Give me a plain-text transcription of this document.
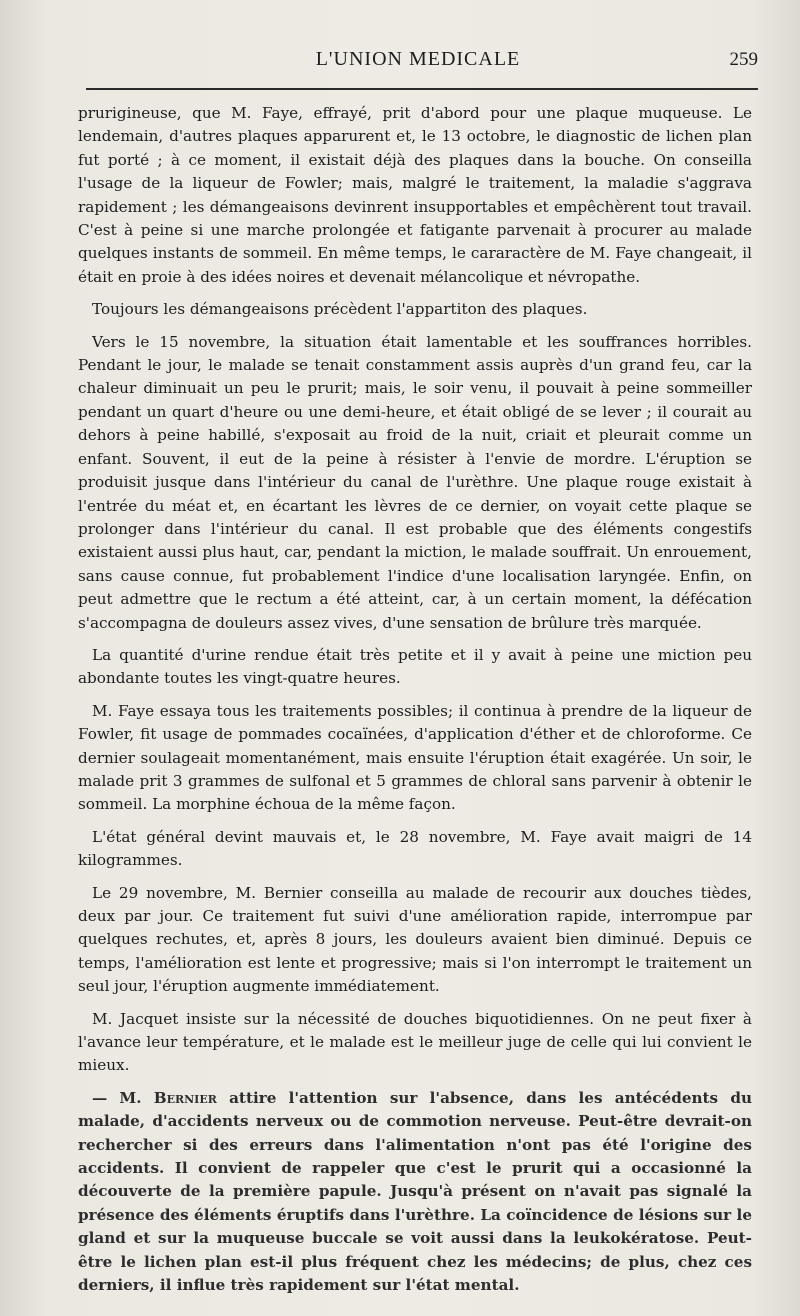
L'UNION MEDICALE	259

prurigineuse, que M. Faye, effrayé, prit d'abord pour une plaque muqueuse. Le lendemain, d'autres plaques apparurent et, le 13 octobre, le diagnostic de lichen plan fut porté ; à ce moment, il existait déjà des plaques dans la bouche. On conseilla l'usage de la liqueur de Fowler; mais, malgré le traitement, la maladie s'aggrava rapidement ; les démangeaisons devinrent insupportables et empêchèrent tout travail. C'est à peine si une marche prolongée et fatigante parvenait à procurer au malade quelques instants de sommeil. En même temps, le cararactère de M. Faye changeait, il était en proie à des idées noires et devenait mélancolique et névropathe.

Toujours les démangeaisons précèdent l'appartiton des plaques.

Vers le 15 novembre, la situation était lamentable et les souffrances horribles. Pendant le jour, le malade se tenait constamment assis auprès d'un grand feu, car la chaleur diminuait un peu le prurit; mais, le soir venu, il pouvait à peine sommeiller pendant un quart d'heure ou une demi-heure, et était obligé de se lever ; il courait au dehors à peine habillé, s'exposait au froid de la nuit, criait et pleurait comme un enfant. Souvent, il eut de la peine à résister à l'envie de mordre. L'éruption se produisit jusque dans l'intérieur du canal de l'urèthre. Une plaque rouge existait à l'entrée du méat et, en écartant les lèvres de ce dernier, on voyait cette plaque se prolonger dans l'intérieur du canal. Il est probable que des éléments congestifs existaient aussi plus haut, car, pendant la miction, le malade souffrait. Un enrouement, sans cause connue, fut probablement l'indice d'une localisation laryngée. Enfin, on peut admettre que le rectum a été atteint, car, à un certain moment, la défécation s'accompagna de douleurs assez vives, d'une sensation de brûlure très marquée.

La quantité d'urine rendue était très petite et il y avait à peine une miction peu abondante toutes les vingt-quatre heures.

M. Faye essaya tous les traitements possibles; il continua à prendre de la liqueur de Fowler, fit usage de pommades cocaïnées, d'application d'éther et de chloroforme. Ce dernier soulageait momentanément, mais ensuite l'éruption était exagérée. Un soir, le malade prit 3 grammes de sulfonal et 5 grammes de chloral sans parvenir à obtenir le sommeil. La morphine échoua de la même façon.

L'état général devint mauvais et, le 28 novembre, M. Faye avait maigri de 14 kilogrammes.

Le 29 novembre, M. Bernier conseilla au malade de recourir aux douches tièdes, deux par jour. Ce traitement fut suivi d'une amélioration rapide, interrompue par quelques rechutes, et, après 8 jours, les douleurs avaient bien diminué. Depuis ce temps, l'amélioration est lente et progressive; mais si l'on interrompt le traitement un seul jour, l'éruption augmente immédiatement.

M. Jacquet insiste sur la nécessité de douches biquotidiennes. On ne peut fixer à l'avance leur température, et le malade est le meilleur juge de celle qui lui convient le mieux.

— M. Bernier attire l'attention sur l'absence, dans les antécédents du malade, d'accidents nerveux ou de commotion nerveuse. Peut-être devrait-on rechercher si des erreurs dans l'alimentation n'ont pas été l'origine des accidents. Il convient de rappeler que c'est le prurit qui a occasionné la découverte de la première papule. Jusqu'à présent on n'avait pas signalé la présence des éléments éruptifs dans l'urèthre. La coïncidence de lésions sur le gland et sur la muqueuse buccale se voit aussi dans la leukokératose. Peut-être le lichen plan est-il plus fréquent chez les médecins; de plus, chez ces derniers, il influe très rapidement sur l'état mental.
